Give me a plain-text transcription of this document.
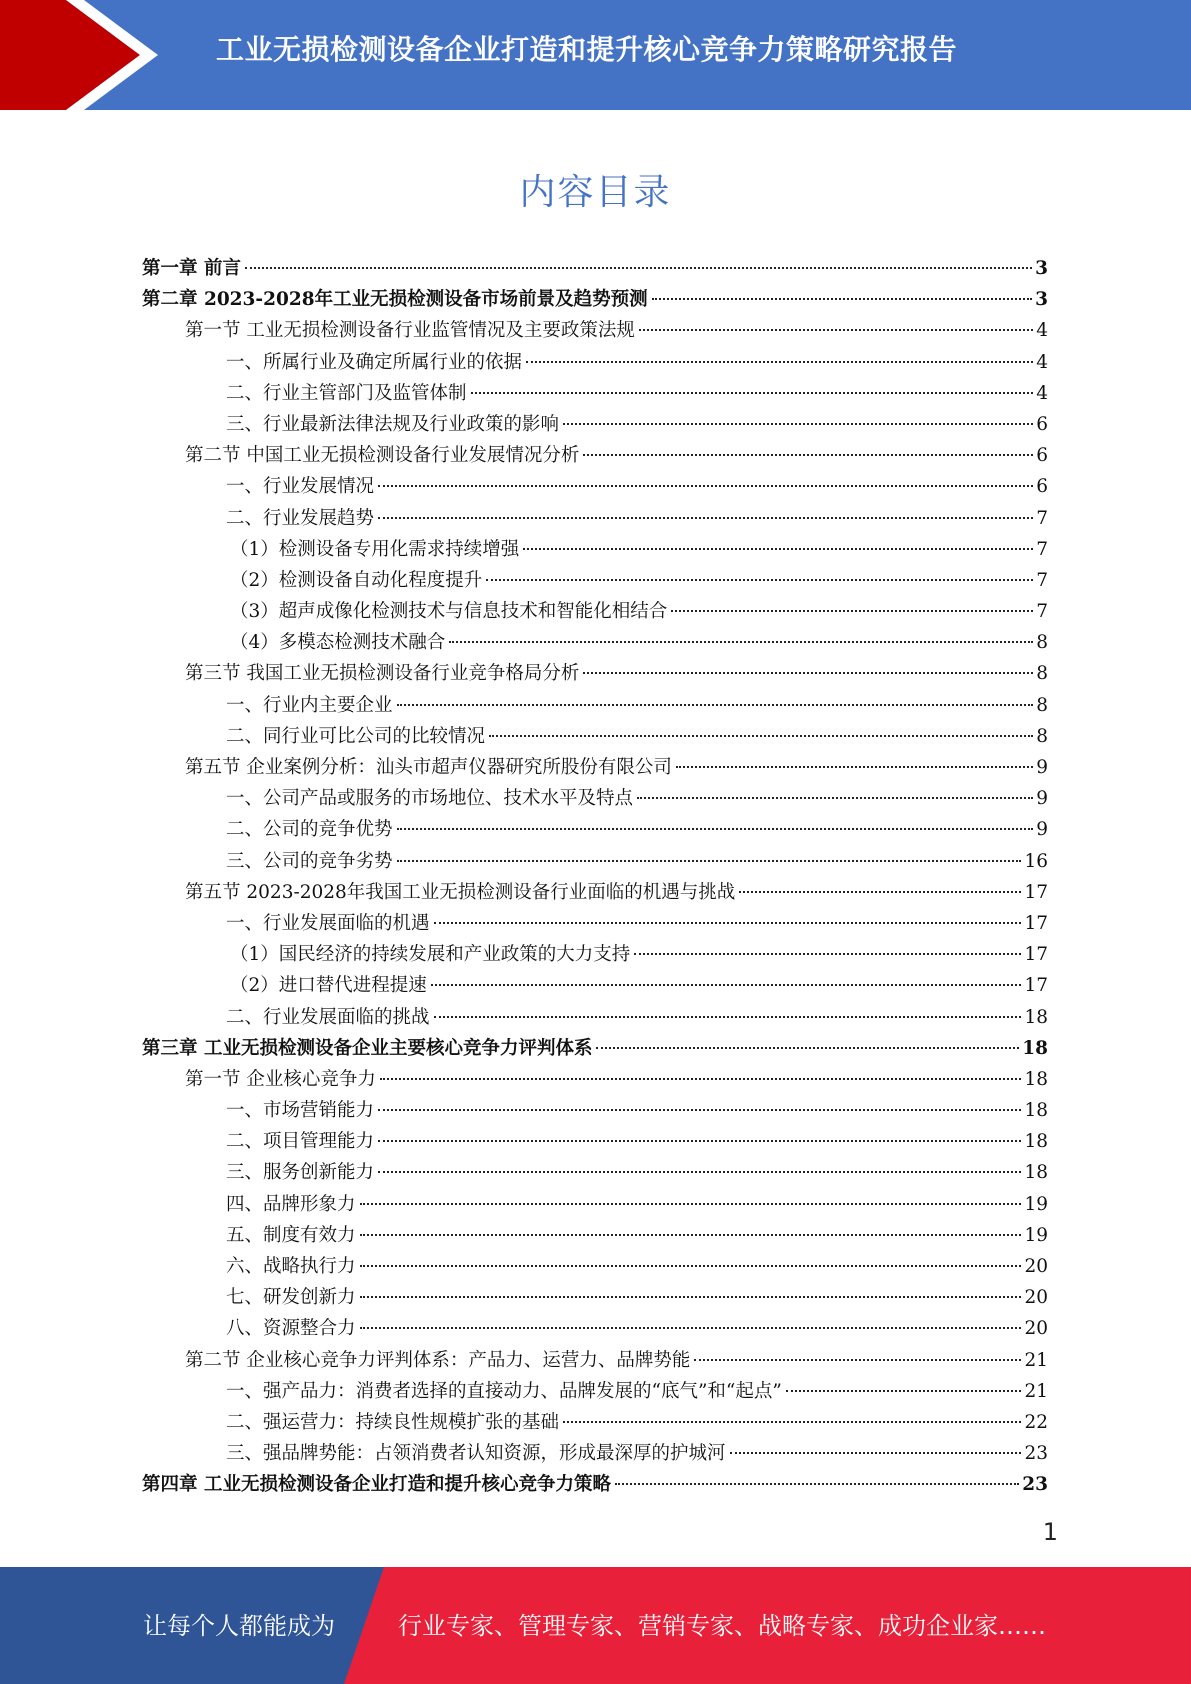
工业无损检测设备企业打造和提升核心竞争力策略研究报告
内容目录
第一章 前言	3
第二章 2023-2028年工业无损检测设备市场前景及趋势预测	3
第一节 工业无损检测设备行业监管情况及主要政策法规	4
一、所属行业及确定所属行业的依据	4
二、行业主管部门及监管体制	4
三、行业最新法律法规及行业政策的影响	6
第二节 中国工业无损检测设备行业发展情况分析	6
一、行业发展情况	6
二、行业发展趋势	7
（1）检测设备专用化需求持续增强	7
（2）检测设备自动化程度提升	7
（3）超声成像化检测技术与信息技术和智能化相结合	7
（4）多模态检测技术融合	8
第三节 我国工业无损检测设备行业竞争格局分析	8
一、行业内主要企业	8
二、同行业可比公司的比较情况	8
第五节 企业案例分析：汕头市超声仪器研究所股份有限公司	9
一、公司产品或服务的市场地位、技术水平及特点	9
二、公司的竞争优势	9
三、公司的竞争劣势	16
第五节 2023-2028年我国工业无损检测设备行业面临的机遇与挑战	17
一、行业发展面临的机遇	17
（1）国民经济的持续发展和产业政策的大力支持	17
（2）进口替代进程提速	17
二、行业发展面临的挑战	18
第三章 工业无损检测设备企业主要核心竞争力评判体系	18
第一节 企业核心竞争力	18
一、市场营销能力	18
二、项目管理能力	18
三、服务创新能力	18
四、品牌形象力	19
五、制度有效力	19
六、战略执行力	20
七、研发创新力	20
八、资源整合力	20
第二节 企业核心竞争力评判体系：产品力、运营力、品牌势能	21
一、强产品力：消费者选择的直接动力、品牌发展的“底气”和“起点”	21
二、强运营力：持续良性规模扩张的基础	22
三、强品牌势能：占领消费者认知资源，形成最深厚的护城河	23
第四章 工业无损检测设备企业打造和提升核心竞争力策略	23
1
让每个人都能成为	行业专家、管理专家、营销专家、战略专家、成功企业家……
